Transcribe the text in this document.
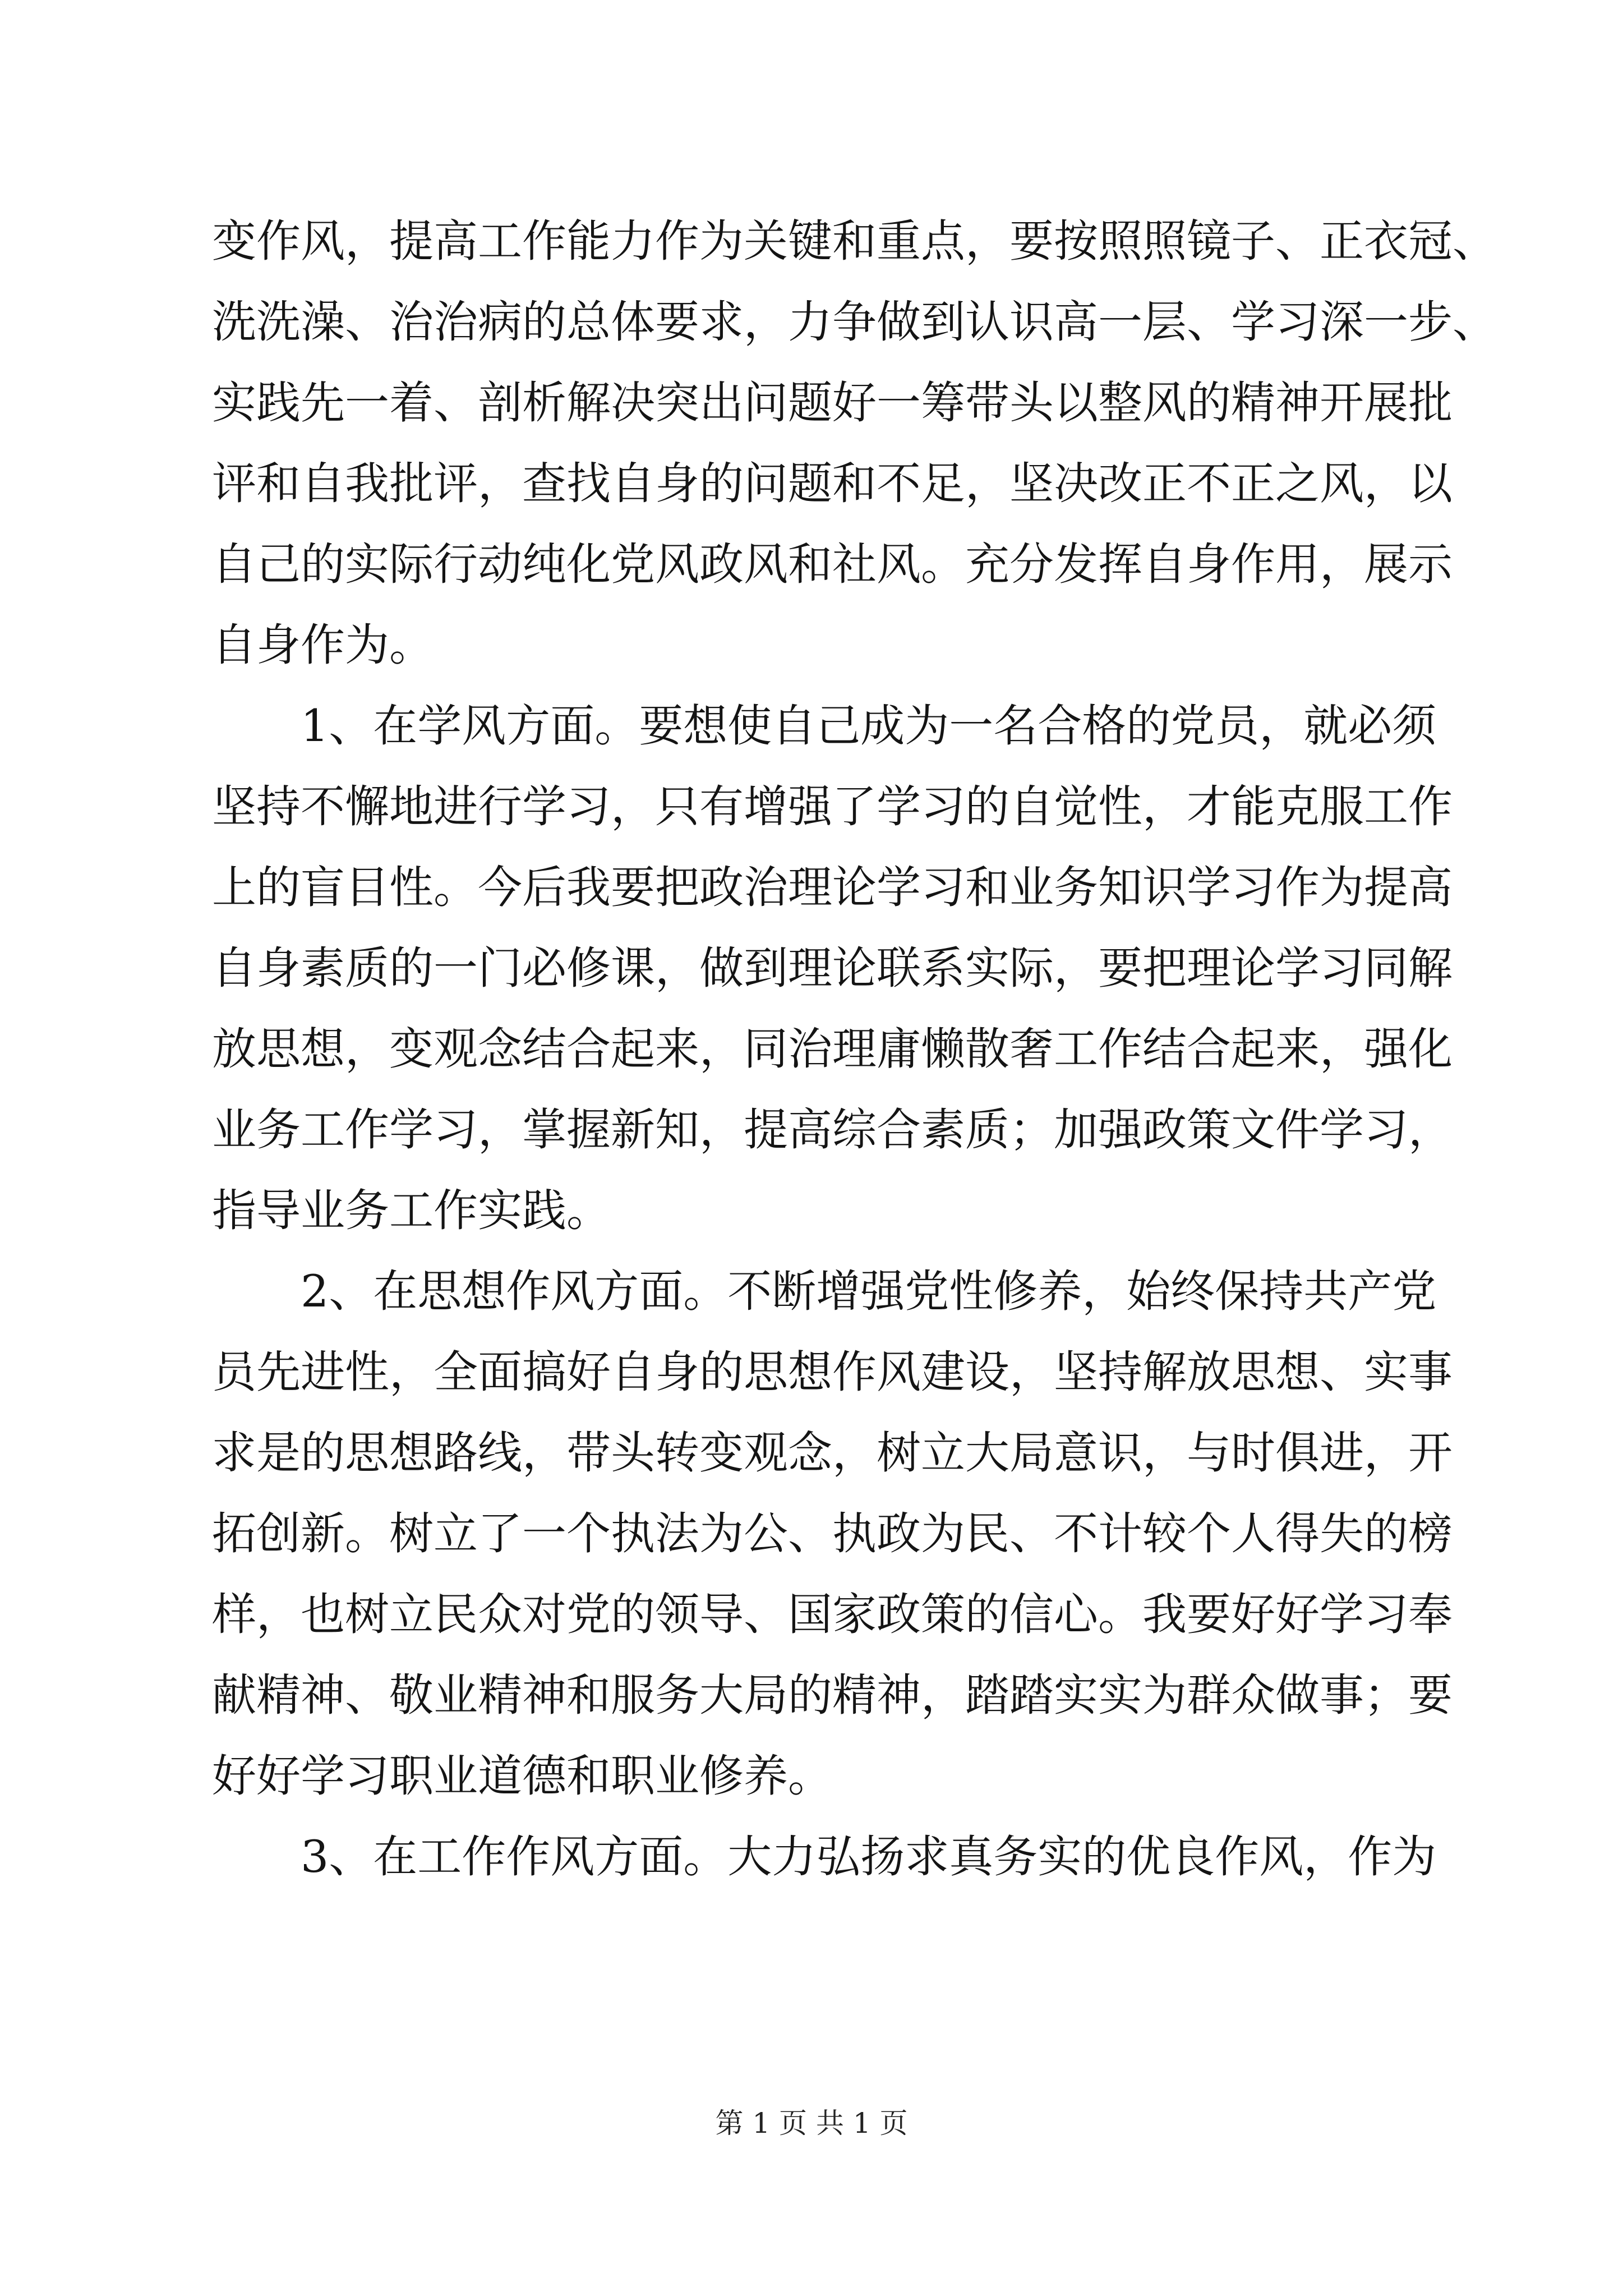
变作风，提高工作能力作为关键和重点，要按照照镜子、正衣冠、
洗洗澡、治治病的总体要求，力争做到认识高一层、学习深一步、
实践先一着、剖析解决突出问题好一筹带头以整风的精神开展批
评和自我批评，查找自身的问题和不足，坚决改正不正之风，以
自己的实际行动纯化党风政风和社风。充分发挥自身作用，展示
自身作为。
　　1、在学风方面。要想使自己成为一名合格的党员，就必须
坚持不懈地进行学习，只有增强了学习的自觉性，才能克服工作
上的盲目性。今后我要把政治理论学习和业务知识学习作为提高
自身素质的一门必修课，做到理论联系实际，要把理论学习同解
放思想，变观念结合起来，同治理庸懒散奢工作结合起来，强化
业务工作学习，掌握新知，提高综合素质；加强政策文件学习，
指导业务工作实践。
　　2、在思想作风方面。不断增强党性修养，始终保持共产党
员先进性，全面搞好自身的思想作风建设，坚持解放思想、实事
求是的思想路线，带头转变观念，树立大局意识，与时俱进，开
拓创新。树立了一个执法为公、执政为民、不计较个人得失的榜
样，也树立民众对党的领导、国家政策的信心。我要好好学习奉
献精神、敬业精神和服务大局的精神，踏踏实实为群众做事；要
好好学习职业道德和职业修养。
　　3、在工作作风方面。大力弘扬求真务实的优良作风，作为
第 1 页 共 1 页
